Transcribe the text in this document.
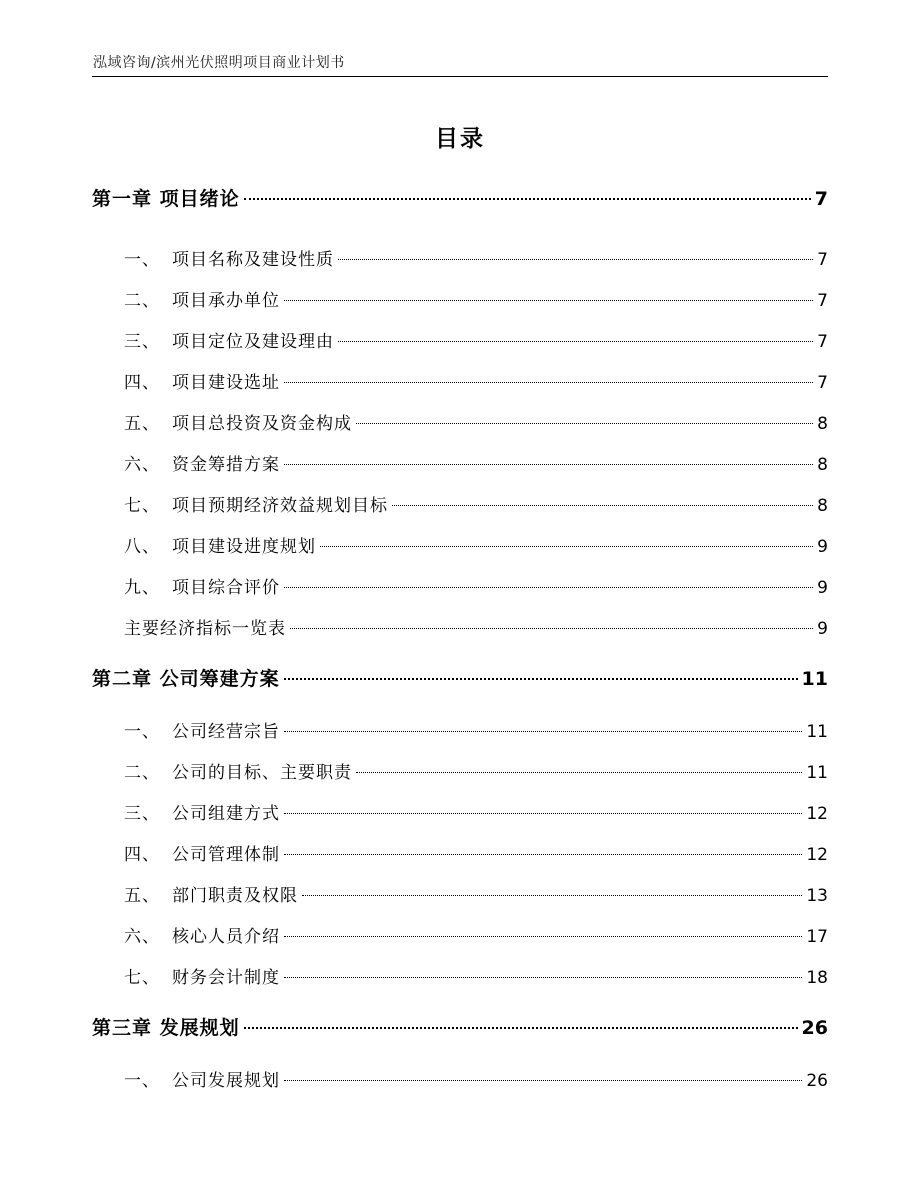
泓域咨询/滨州光伏照明项目商业计划书
目录
第一章 项目绪论	7
一、 项目名称及建设性质	7
二、 项目承办单位	7
三、 项目定位及建设理由	7
四、 项目建设选址	7
五、 项目总投资及资金构成	8
六、 资金筹措方案	8
七、 项目预期经济效益规划目标	8
八、 项目建设进度规划	9
九、 项目综合评价	9
主要经济指标一览表	9
第二章 公司筹建方案	11
一、 公司经营宗旨	11
二、 公司的目标、主要职责	11
三、 公司组建方式	12
四、 公司管理体制	12
五、 部门职责及权限	13
六、 核心人员介绍	17
七、 财务会计制度	18
第三章 发展规划	26
一、 公司发展规划	26
